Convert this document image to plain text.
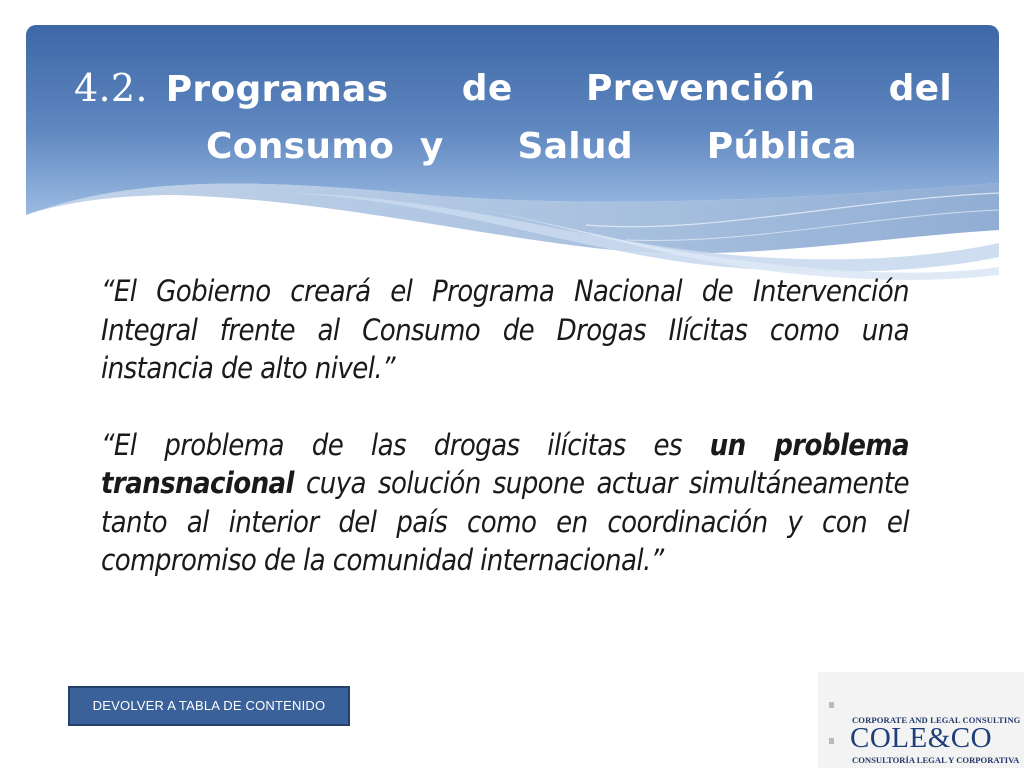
4.2. Programas de Prevención del
Consumo  y Salud Pública

“El Gobierno creará el Programa Nacional de Intervención Integral frente al Consumo de Drogas Ilícitas como una instancia de alto nivel.”

“El problema de las drogas ilícitas es un problema transnacional cuya solución supone actuar simultáneamente tanto al interior del país como en coordinación y con el compromiso de la comunidad internacional.”

DEVOLVER A TABLA DE CONTENIDO
CORPORATE AND LEGAL CONSULTING
COLE&CO
CONSULTORÍA LEGAL Y CORPORATIVA
